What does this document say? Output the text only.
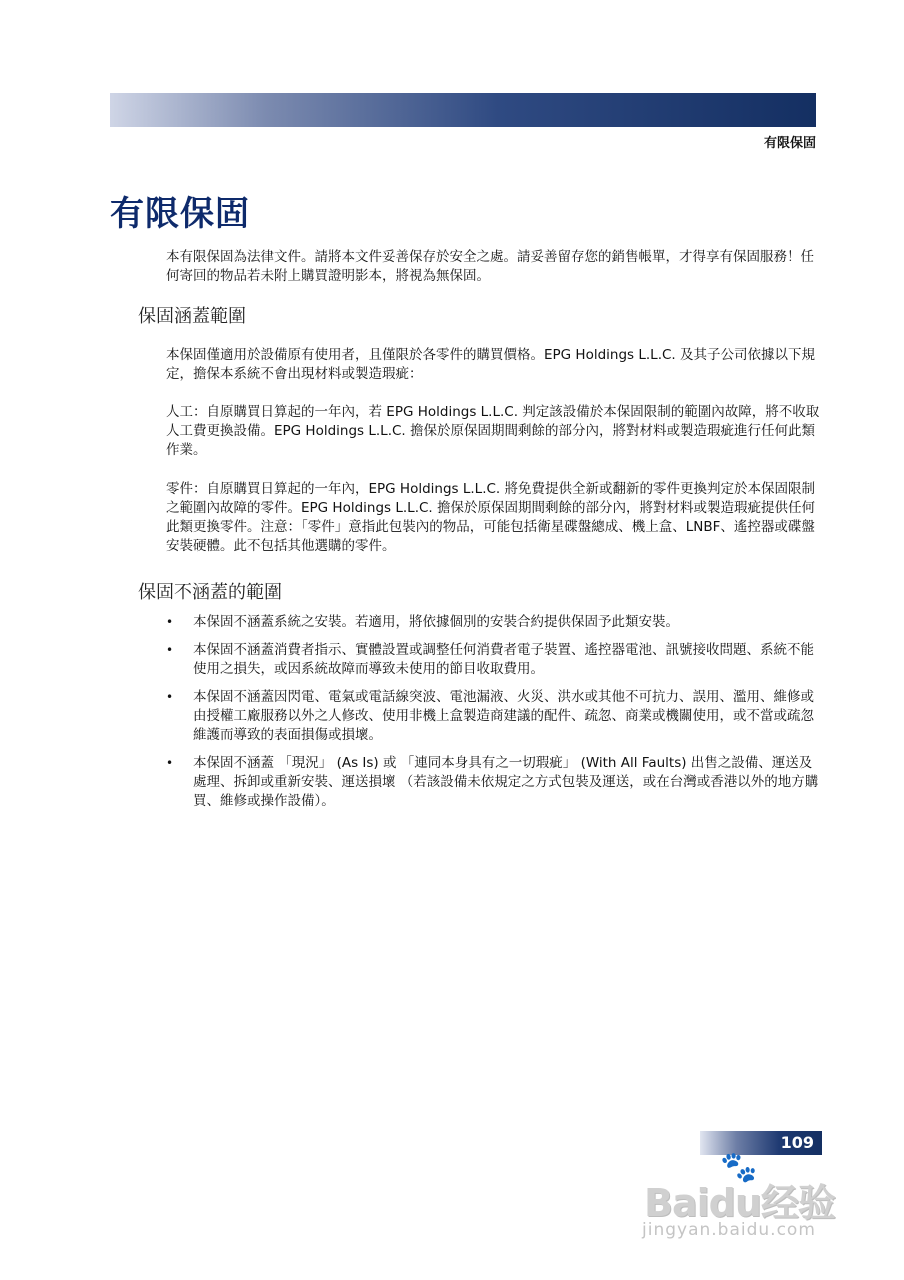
有限保固
有限保固

本有限保固為法律文件。請將本文件妥善保存於安全之處。請妥善留存您的銷售帳單，才得享有保固服務！任何寄回的物品若未附上購買證明影本，將視為無保固。

保固涵蓋範圍

本保固僅適用於設備原有使用者，且僅限於各零件的購買價格。EPG Holdings L.L.C. 及其子公司依據以下規定，擔保本系統不會出現材料或製造瑕疵：

人工：自原購買日算起的一年內，若 EPG Holdings L.L.C. 判定該設備於本保固限制的範圍內故障，將不收取人工費更換設備。EPG Holdings L.L.C. 擔保於原保固期間剩餘的部分內，將對材料或製造瑕疵進行任何此類作業。

零件：自原購買日算起的一年內，EPG Holdings L.L.C. 將免費提供全新或翻新的零件更換判定於本保固限制之範圍內故障的零件。EPG Holdings L.L.C. 擔保於原保固期間剩餘的部分內，將對材料或製造瑕疵提供任何此類更換零件。注意：「零件」意指此包裝內的物品，可能包括衛星碟盤總成、機上盒、LNBF、遙控器或碟盤安裝硬體。此不包括其他選購的零件。

保固不涵蓋的範圍
• 本保固不涵蓋系統之安裝。若適用，將依據個別的安裝合約提供保固予此類安裝。
• 本保固不涵蓋消費者指示、實體設置或調整任何消費者電子裝置、遙控器電池、訊號接收問題、系統不能使用之損失，或因系統故障而導致未使用的節目收取費用。
• 本保固不涵蓋因閃電、電氣或電話線突波、電池漏液、火災、洪水或其他不可抗力、誤用、濫用、維修或由授權工廠服務以外之人修改、使用非機上盒製造商建議的配件、疏忽、商業或機關使用，或不當或疏忽維護而導致的表面損傷或損壞。
• 本保固不涵蓋 「現況」 (As Is) 或 「連同本身具有之一切瑕疵」 (With All Faults) 出售之設備、運送及處理、拆卸或重新安裝、運送損壞 （若該設備未依規定之方式包裝及運送，或在台灣或香港以外的地方購買、維修或操作設備）。
109
🐾
Baidu经验
jingyan.baidu.com
